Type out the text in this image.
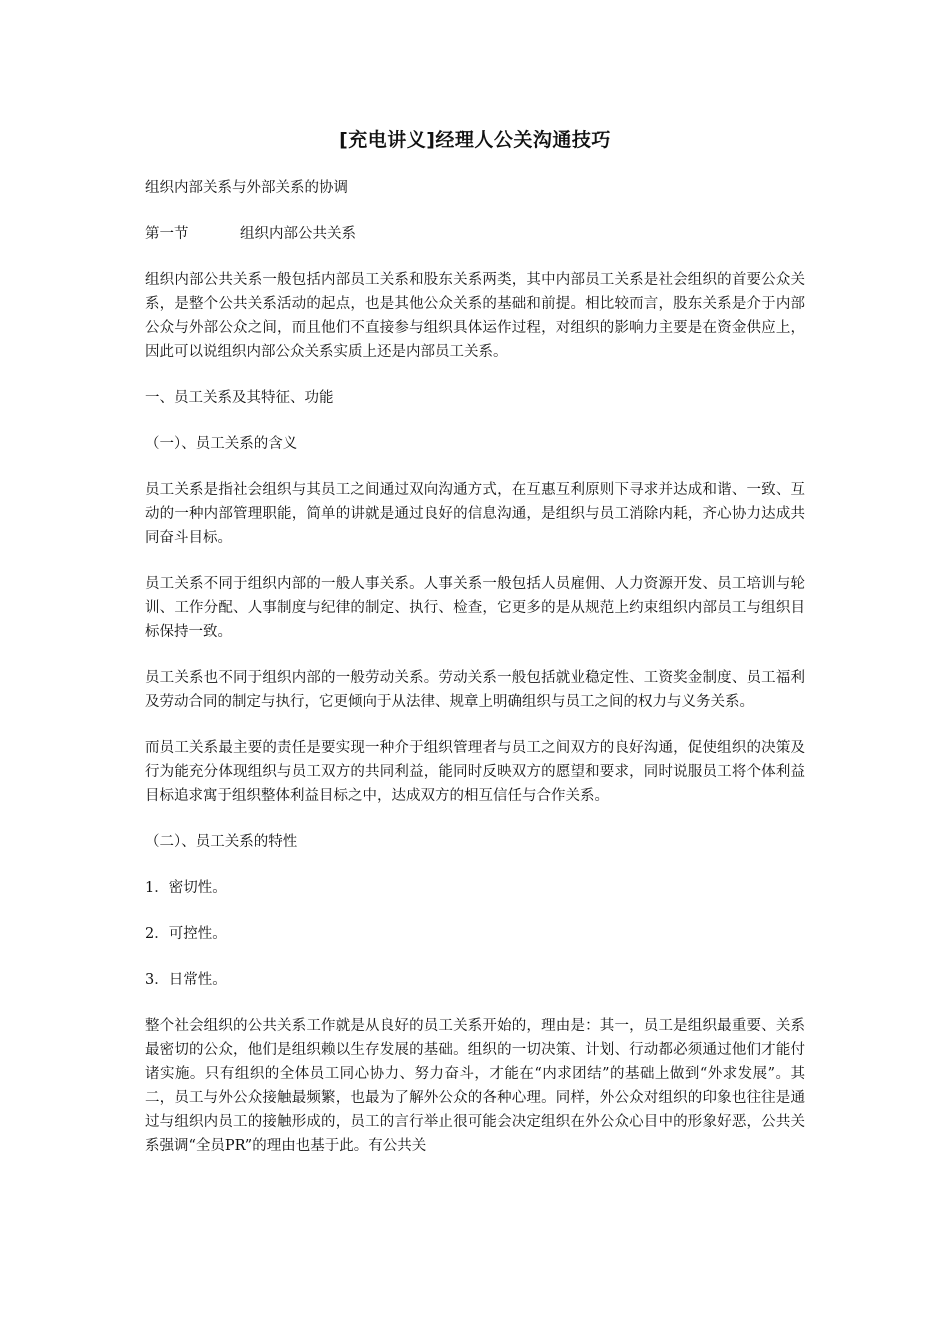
[充电讲义]经理人公关沟通技巧

组织内部关系与外部关系的协调

第一节	组织内部公共关系

组织内部公共关系一般包括内部员工关系和股东关系两类，其中内部员工关系是社会组织的首要公众关系，是整个公共关系活动的起点，也是其他公众关系的基础和前提。相比较而言，股东关系是介于内部公众与外部公众之间，而且他们不直接参与组织具体运作过程，对组织的影响力主要是在资金供应上，因此可以说组织内部公众关系实质上还是内部员工关系。

一、员工关系及其特征、功能

（一）、员工关系的含义

员工关系是指社会组织与其员工之间通过双向沟通方式，在互惠互利原则下寻求并达成和谐、一致、互动的一种内部管理职能，简单的讲就是通过良好的信息沟通，是组织与员工消除内耗，齐心协力达成共同奋斗目标。

员工关系不同于组织内部的一般人事关系。人事关系一般包括人员雇佣、人力资源开发、员工培训与轮训、工作分配、人事制度与纪律的制定、执行、检查，它更多的是从规范上约束组织内部员工与组织目标保持一致。

员工关系也不同于组织内部的一般劳动关系。劳动关系一般包括就业稳定性、工资奖金制度、员工福利及劳动合同的制定与执行，它更倾向于从法律、规章上明确组织与员工之间的权力与义务关系。

而员工关系最主要的责任是要实现一种介于组织管理者与员工之间双方的良好沟通，促使组织的决策及行为能充分体现组织与员工双方的共同利益，能同时反映双方的愿望和要求，同时说服员工将个体利益目标追求寓于组织整体利益目标之中，达成双方的相互信任与合作关系。

（二）、员工关系的特性

1．密切性。

2．可控性。

3．日常性。

整个社会组织的公共关系工作就是从良好的员工关系开始的，理由是：其一，员工是组织最重要、关系最密切的公众，他们是组织赖以生存发展的基础。组织的一切决策、计划、行动都必须通过他们才能付诸实施。只有组织的全体员工同心协力、努力奋斗，才能在“内求团结”的基础上做到“外求发展”。其二，员工与外公众接触最频繁，也最为了解外公众的各种心理。同样，外公众对组织的印象也往往是通过与组织内员工的接触形成的，员工的言行举止很可能会决定组织在外公众心目中的形象好恶，公共关系强调“全员PR”的理由也基于此。有公共关
